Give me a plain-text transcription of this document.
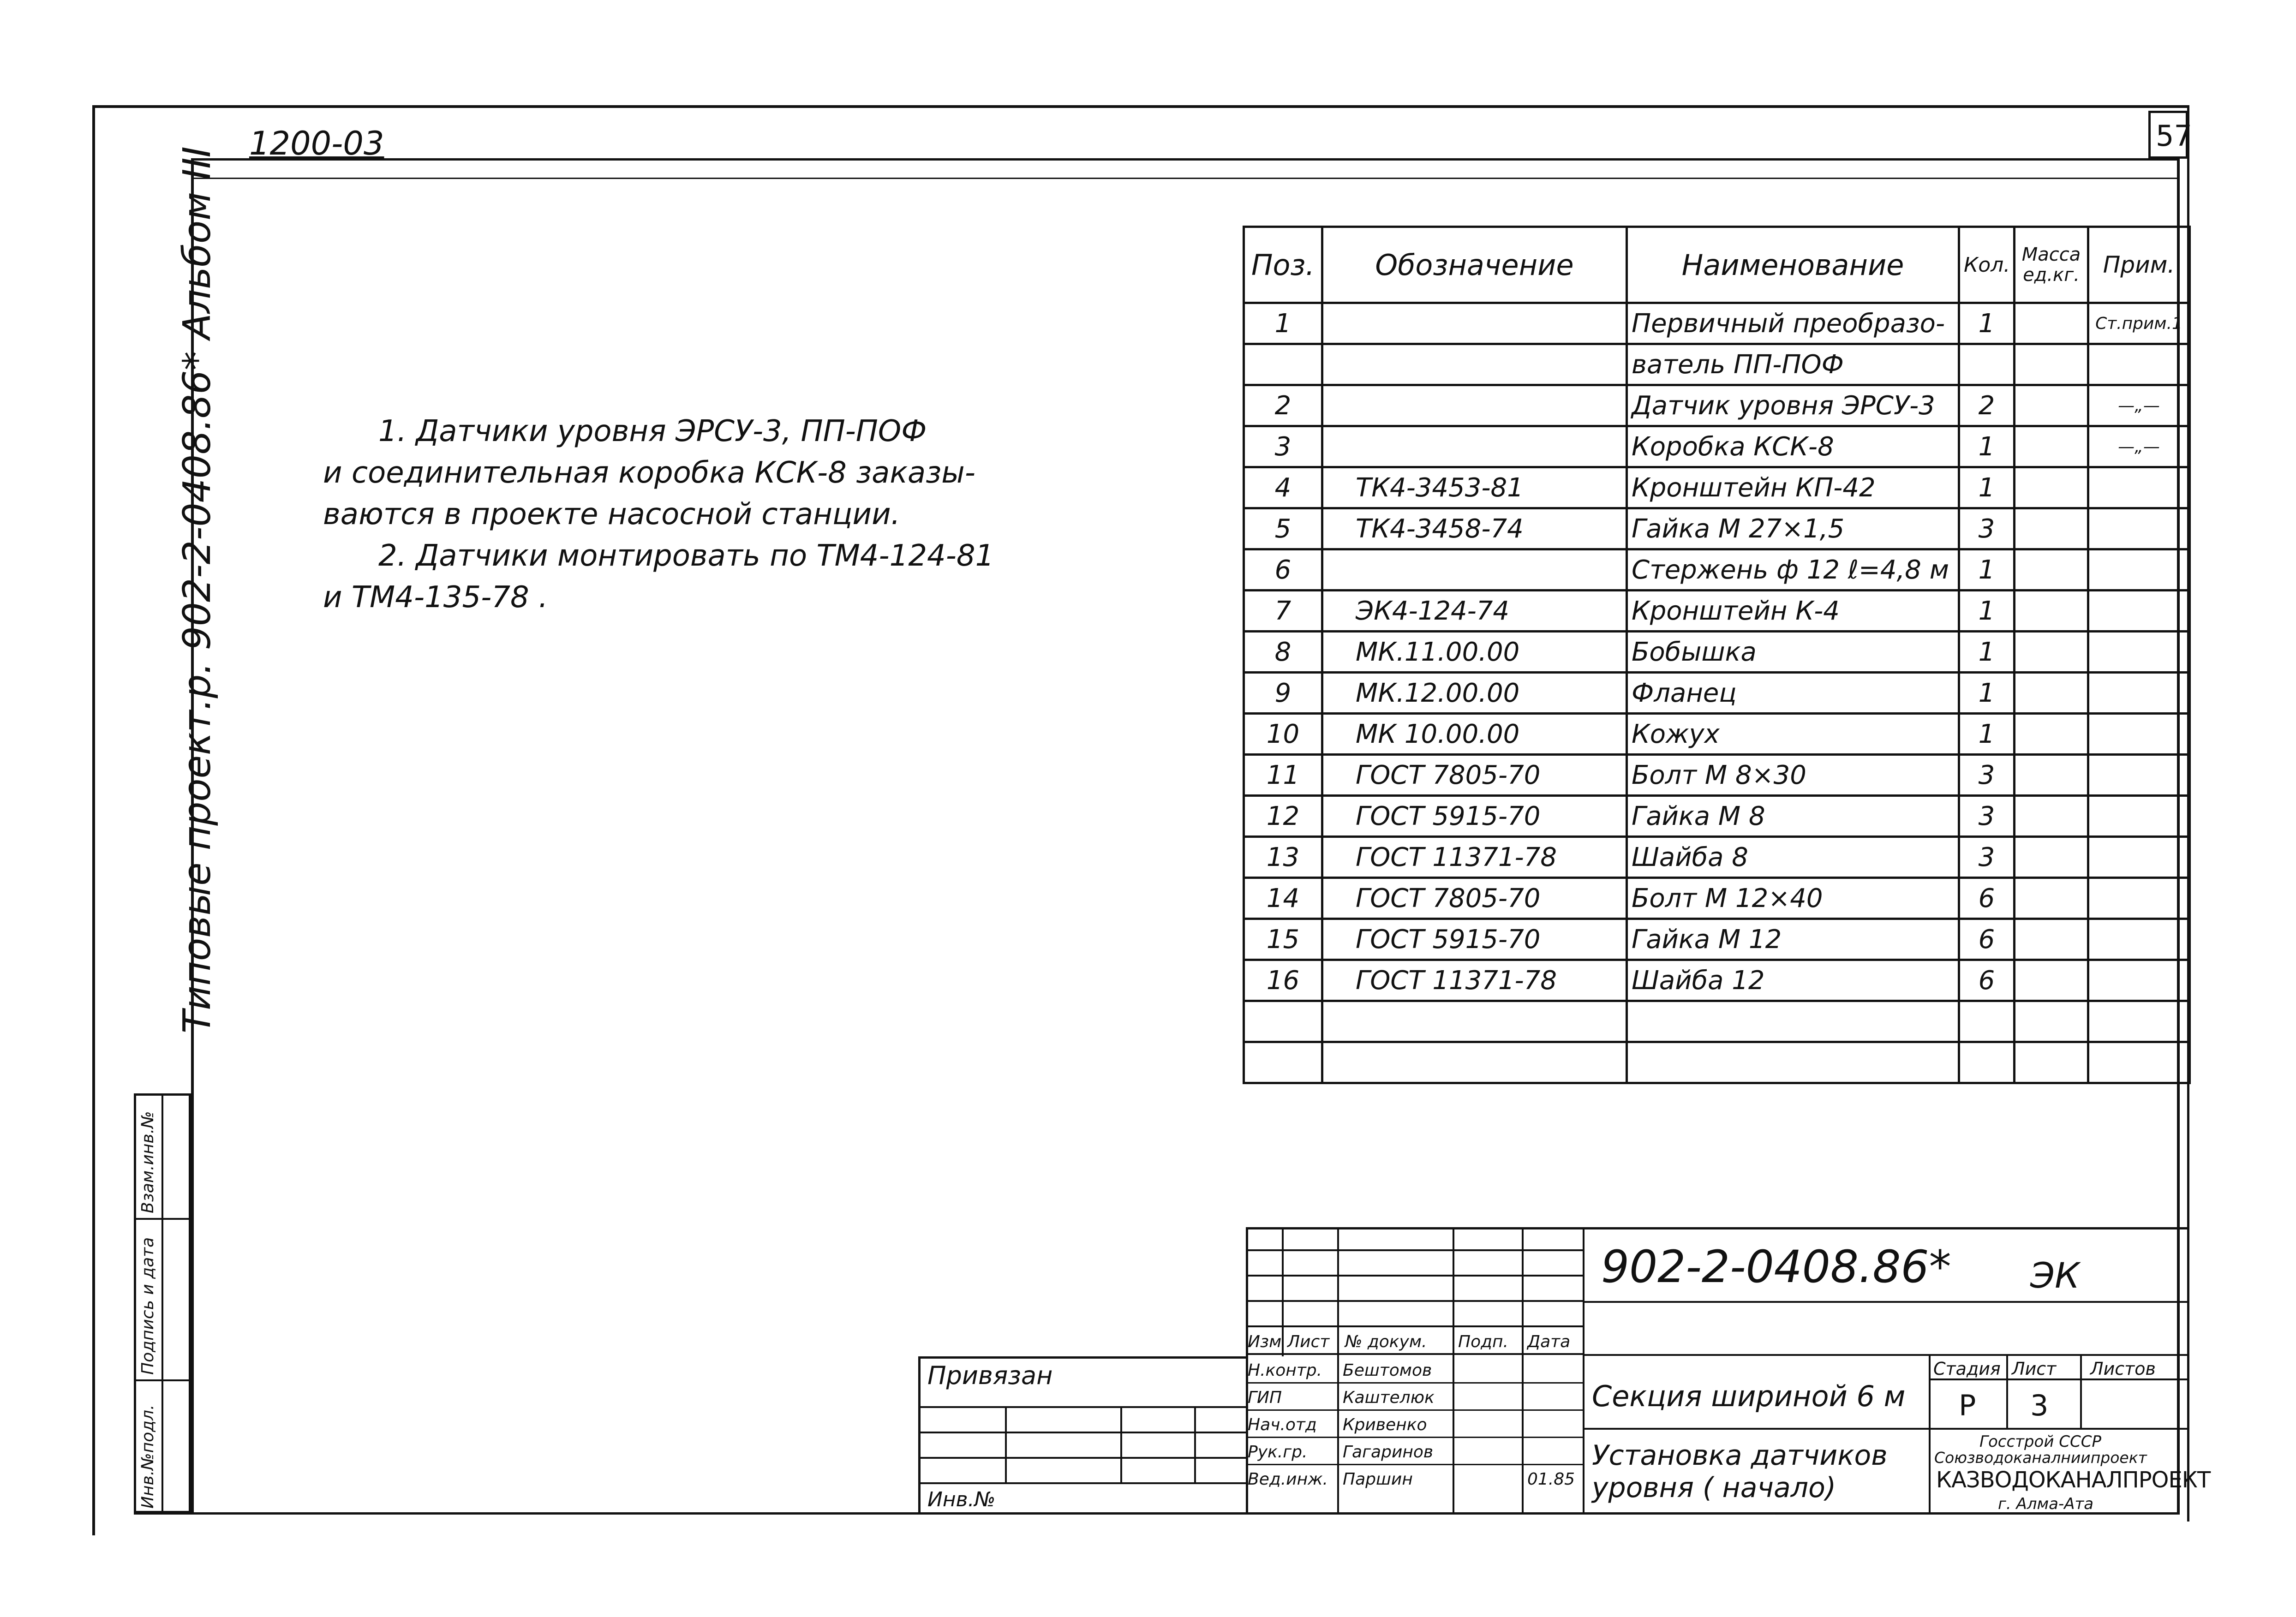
1200-03	57
Типовые проект.р. 902-2-0408.86* Альбом III
Взам.инв.№
Подпись и дата
Инв.№подл.
1. Датчики уровня ЭРСУ-3, ПП-ПОФ
и соединительная коробка КСК-8 заказы-
ваются в проекте насосной станции.
2. Датчики монтировать по ТМ4-124-81
и ТМ4-135-78 .
Поз.	Обозначение	Наименование	Кол.	Масса ед.кг.	Прим.
1		Первичный преобразо-	1		Ст.прим.1
		ватель ПП-ПОФ			
2		Датчик уровня ЭРСУ-3	2		—„—
3		Коробка КСК-8	1		—„—
4	ТК4-3453-81	Кронштейн КП-42	1		
5	ТК4-3458-74	Гайка М 27×1,5	3		
6		Стержень ф 12 ℓ=4,8 м	1		
7	ЭК4-124-74	Кронштейн К-4	1		
8	МК.11.00.00	Бобышка	1		
9	МК.12.00.00	Фланец	1		
10	МК 10.00.00	Кожух	1		
11	ГОСТ 7805-70	Болт М 8×30	3		
12	ГОСТ 5915-70	Гайка М 8	3		
13	ГОСТ 11371-78	Шайба 8	3		
14	ГОСТ 7805-70	Болт М 12×40	6		
15	ГОСТ 5915-70	Гайка М 12	6		
16	ГОСТ 11371-78	Шайба 12	6		

902-2-0408.86* ЭК
Изм Лист № докум. Подп. Дата
Привязан
Инв.№
Н.контр. Бештомов
ГИП	Каштелюк
Нач.отд Кривенко
Рук.гр. Гагаринов
Вед.инж. Паршин	01.85
Секция шириной 6 м
Установка датчиков
уровня ( начало)
Стадия Лист Листов
Р 3
Госстрой СССР
Союзводоканалниипроект
КАЗВОДОКАНАЛПРОЕКТ
г. Алма-Ата
